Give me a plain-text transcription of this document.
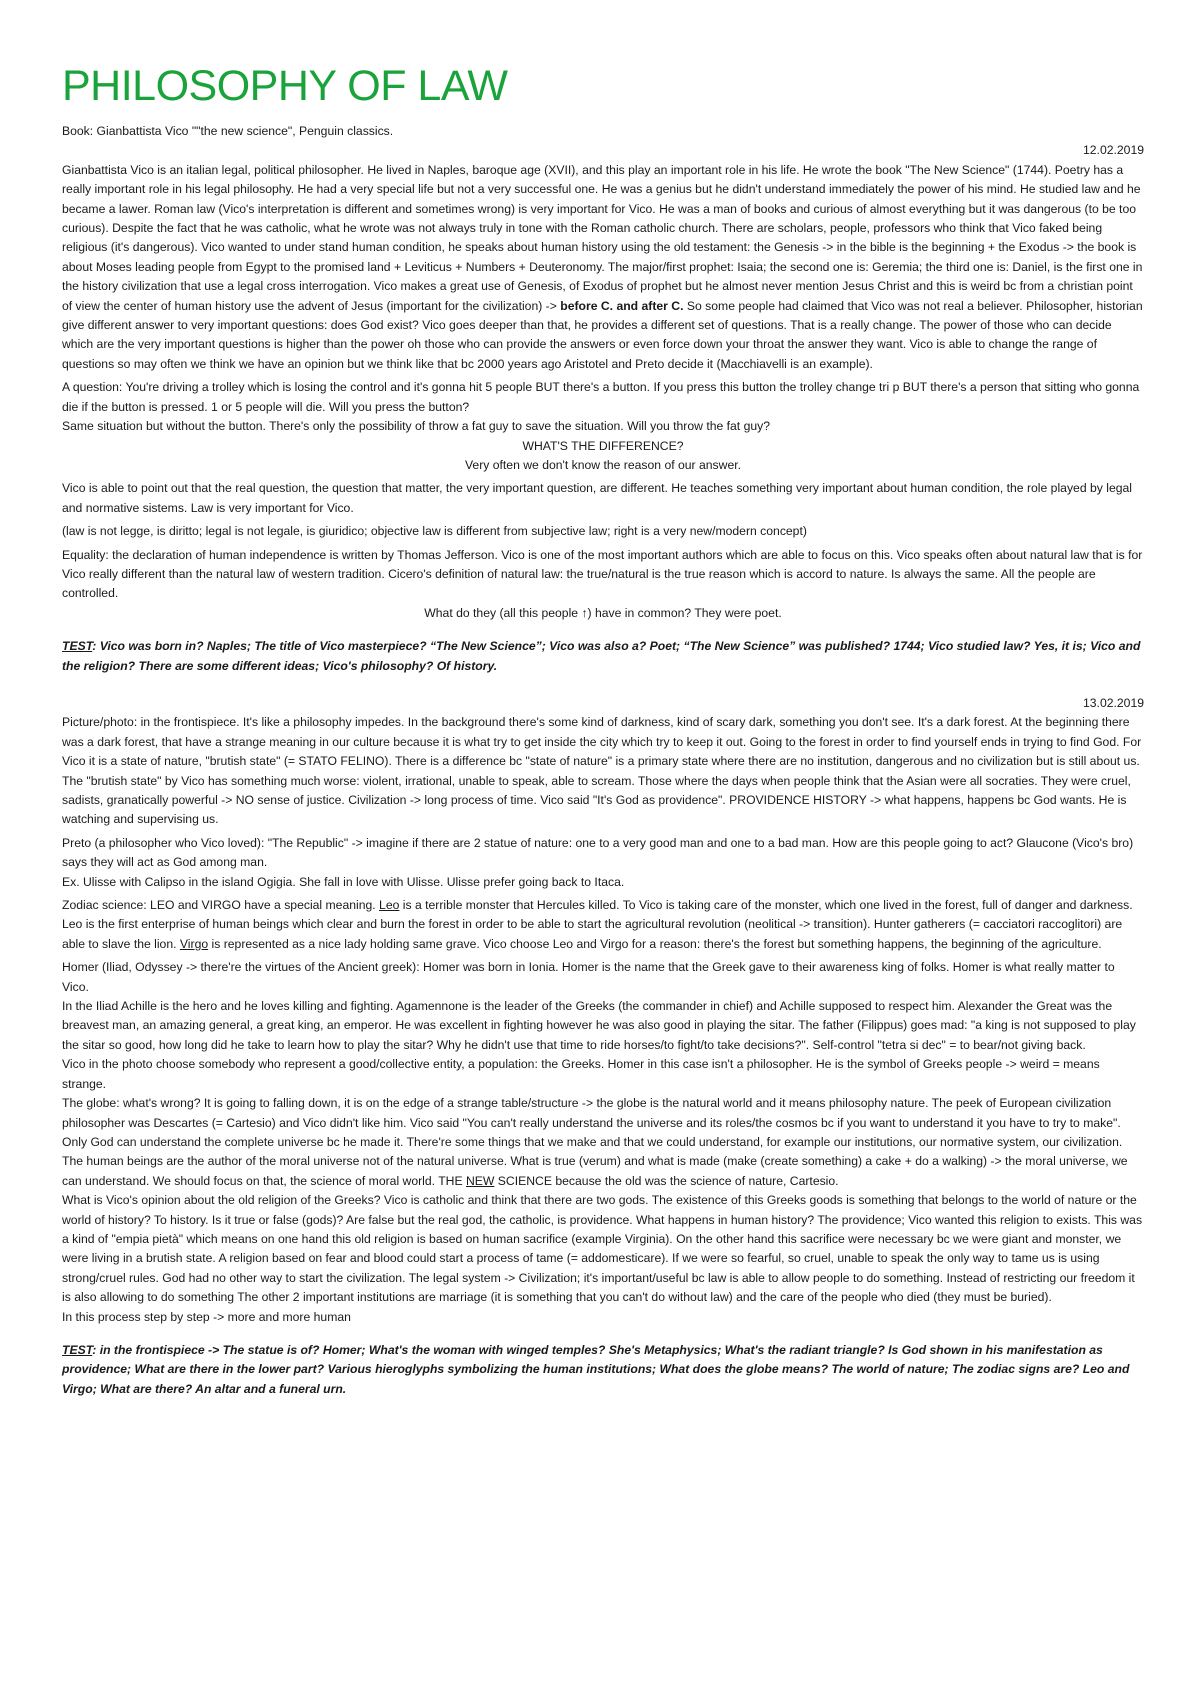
PHILOSOPHY OF LAW

Book: Gianbattista Vico ""the new science", Penguin classics.

12.02.2019

Gianbattista Vico is an italian legal, political philosopher. He lived in Naples, baroque age (XVII), and this play an important role in his life. He wrote the book "The New Science" (1744). Poetry has a really important role in his legal philosophy. He had a very special life but not a very successful one. He was a genius but he didn't understand immediately the power of his mind. He studied law and he became a lawer. Roman law (Vico's interpretation is different and sometimes wrong) is very important for Vico. He was a man of books and curious of almost everything but it was dangerous (to be too curious). Despite the fact that he was catholic, what he wrote was not always truly in tone with the Roman catholic church. There are scholars, people, professors who think that Vico faked being religious (it's dangerous). Vico wanted to under stand human condition, he speaks about human history using the old testament: the Genesis -> in the bible is the beginning + the Exodus -> the book is about Moses leading people from Egypt to the promised land + Leviticus + Numbers + Deuteronomy. The major/first prophet: Isaia; the second one is: Geremia; the third one is: Daniel, is the first one in the history civilization that use a legal cross interrogation. Vico makes a great use of Genesis, of Exodus of prophet but he almost never mention Jesus Christ and this is weird bc from a christian point of view the center of human history use the advent of Jesus (important for the civilization) -> before C. and after C. So some people had claimed that Vico was not real a believer. Philosopher, historian give different answer to very important questions: does God exist? Vico goes deeper than that, he provides a different set of questions. That is a really change. The power of those who can decide which are the very important questions is higher than the power oh those who can provide the answers or even force down your throat the answer they want. Vico is able to change the range of questions so may often we think we have an opinion but we think like that bc 2000 years ago Aristotel and Preto decide it (Macchiavelli is an example).

A question: You're driving a trolley which is losing the control and it's gonna hit 5 people BUT there's a button. If you press this button the trolley change tri p BUT there's a person that sitting who gonna die if the button is pressed. 1 or 5 people will die. Will you press the button?

Same situation but without the button. There's only the possibility of throw a fat guy to save the situation. Will you throw the fat guy?

WHAT'S THE DIFFERENCE?

Very often we don't know the reason of our answer.

Vico is able to point out that the real question, the question that matter, the very important question, are different. He teaches something very important about human condition, the role played by legal and normative sistems. Law is very important for Vico.

(law is not legge, is diritto; legal is not legale, is giuridico; objective law is different from subjective law; right is a very new/modern concept)

Equality: the declaration of human independence is written by Thomas Jefferson. Vico is one of the most important authors which are able to focus on this. Vico speaks often about natural law that is for Vico really different than the natural law of western tradition. Cicero's definition of natural law: the true/natural is the true reason which is accord to nature. Is always the same. All the people are controlled.

What do they (all this people ↑) have in common? They were poet.

TEST: Vico was born in? Naples; The title of Vico masterpiece? “The New Science”; Vico was also a? Poet; “The New Science” was published? 1744; Vico studied law? Yes, it is; Vico and the religion? There are some different ideas; Vico's philosophy? Of history.

13.02.2019

Picture/photo: in the frontispiece. It's like a philosophy impedes. In the background there's some kind of darkness, kind of scary dark, something you don't see. It's a dark forest. At the beginning there was a dark forest, that have a strange meaning in our culture because it is what try to get inside the city which try to keep it out. Going to the forest in order to find yourself ends in trying to find God. For Vico it is a state of nature, "brutish state" (= STATO FELINO). There is a difference bc "state of nature" is a primary state where there are no institution, dangerous and no civilization but is still about us. The "brutish state" by Vico has something much worse: violent, irrational, unable to speak, able to scream. Those where the days when people think that the Asian were all socraties. They were cruel, sadists, granatically powerful -> NO sense of justice. Civilization -> long process of time. Vico said "It's God as providence". PROVIDENCE HISTORY -> what happens, happens bc God wants. He is watching and supervising us.

Preto (a philosopher who Vico loved): "The Republic" -> imagine if there are 2 statue of nature: one to a very good man and one to a bad man. How are this people going to act? Glaucone (Vico's bro) says they will act as God among man.

Ex. Ulisse with Calipso in the island Ogigia. She fall in love with Ulisse. Ulisse prefer going back to Itaca.

Zodiac science: LEO and VIRGO have a special meaning. Leo is a terrible monster that Hercules killed. To Vico is taking care of the monster, which one lived in the forest, full of danger and darkness. Leo is the first enterprise of human beings which clear and burn the forest in order to be able to start the agricultural revolution (neolitical -> transition). Hunter gatherers (= cacciatori raccoglitori) are able to slave the lion. Virgo is represented as a nice lady holding same grave. Vico choose Leo and Virgo for a reason: there's the forest but something happens, the beginning of the agriculture.

Homer (Iliad, Odyssey -> there're the virtues of the Ancient greek): Homer was born in Ionia. Homer is the name that the Greek gave to their awareness king of folks. Homer is what really matter to Vico.

In the Iliad Achille is the hero and he loves killing and fighting. Agamennone is the leader of the Greeks (the commander in chief) and Achille supposed to respect him. Alexander the Great was the breavest man, an amazing general, a great king, an emperor. He was excellent in fighting however he was also good in playing the sitar. The father (Filippus) goes mad: "a king is not supposed to play the sitar so good, how long did he take to learn how to play the sitar? Why he didn't use that time to ride horses/to fight/to take decisions?". Self-control "tetra si dec" = to bear/not giving back.

Vico in the photo choose somebody who represent a good/collective entity, a population: the Greeks. Homer in this case isn't a philosopher. He is the symbol of Greeks people -> weird = means strange.

The globe: what's wrong? It is going to falling down, it is on the edge of a strange table/structure -> the globe is the natural world and it means philosophy nature. The peek of European civilization philosopher was Descartes (= Cartesio) and Vico didn't like him. Vico said "You can't really understand the universe and its roles/the cosmos bc if you want to understand it you have to try to make". Only God can understand the complete universe bc he made it. There're some things that we make and that we could understand, for example our institutions, our normative system, our civilization. The human beings are the author of the moral universe not of the natural universe. What is true (verum) and what is made (make (create something) a cake + do a walking) -> the moral universe, we can understand. We should focus on that, the science of moral world. THE NEW SCIENCE because the old was the science of nature, Cartesio.

What is Vico's opinion about the old religion of the Greeks? Vico is catholic and think that there are two gods. The existence of this Greeks goods is something that belongs to the world of nature or the world of history? To history. Is it true or false (gods)? Are false but the real god, the catholic, is providence. What happens in human history? The providence; Vico wanted this religion to exists. This was a kind of "empia pietà" which means on one hand this old religion is based on human sacrifice (example Virginia). On the other hand this sacrifice were necessary bc we were giant and monster, we were living in a brutish state. A religion based on fear and blood could start a process of tame (= addomesticare). If we were so fearful, so cruel, unable to speak the only way to tame us is using strong/cruel rules. God had no other way to start the civilization. The legal system -> Civilization; it's important/useful bc law is able to allow people to do something. Instead of restricting our freedom it is also allowing to do something The other 2 important institutions are marriage (it is something that you can't do without law) and the care of the people who died (they must be buried).

In this process step by step -> more and more human

TEST: in the frontispiece -> The statue is of? Homer; What's the woman with winged temples? She's Metaphysics; What's the radiant triangle? Is God shown in his manifestation as providence; What are there in the lower part? Various hieroglyphs symbolizing the human institutions; What does the globe means? The world of nature; The zodiac signs are? Leo and Virgo; What are there? An altar and a funeral urn.
